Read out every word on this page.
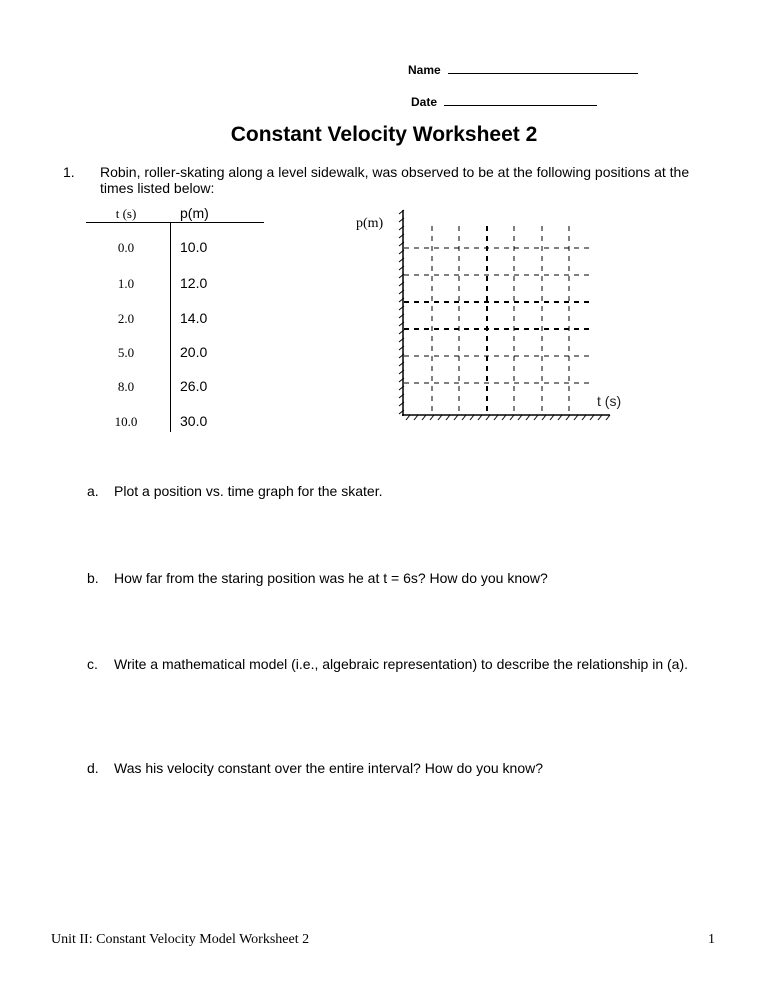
Name
Date
Constant Velocity Worksheet 2
1. Robin, roller-skating along a level sidewalk, was observed to be at the following positions at the times listed below:
t (s)	p(m)
0.0	10.0
1.0	12.0
2.0	14.0
5.0	20.0
8.0	26.0
10.0	30.0
p(m)
t (s)
a. Plot a position vs. time graph for the skater.
b. How far from the staring position was he at t = 6s? How do you know?
c. Write a mathematical model (i.e., algebraic representation) to describe the relationship in (a).
d. Was his velocity constant over the entire interval? How do you know?
Unit II: Constant Velocity Model Worksheet 2	1
